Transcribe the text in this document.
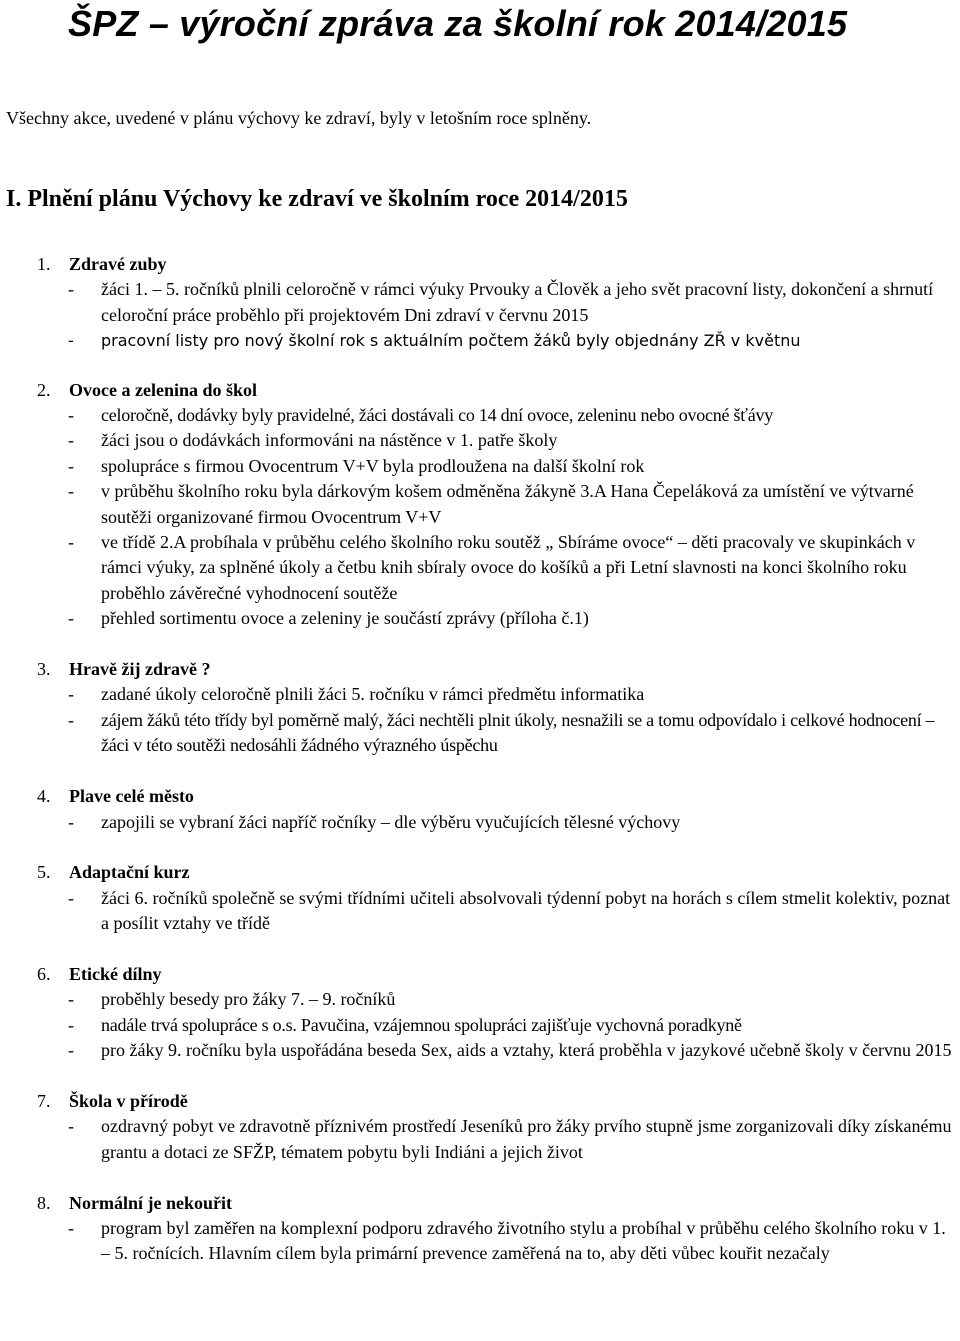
ŠPZ – výroční zpráva za školní rok 2014/2015

Všechny akce, uvedené v plánu výchovy ke zdraví, byly v letošním roce splněny.

I. Plnění plánu Výchovy ke zdraví ve školním roce 2014/2015
1. Zdravé zuby
- žáci 1. – 5. ročníků plnili celoročně v rámci výuky Prvouky a Člověk a jeho svět pracovní listy, dokončení a shrnutí celoroční práce proběhlo při projektovém Dni zdraví v červnu 2015
- pracovní listy pro nový školní rok s aktuálním počtem žáků byly objednány ZŘ v květnu
2. Ovoce a zelenina do škol
- celoročně, dodávky byly pravidelné, žáci dostávali co 14 dní ovoce, zeleninu nebo ovocné šťávy
- žáci jsou o dodávkách informováni na nástěnce v 1. patře školy
- spolupráce s firmou Ovocentrum V+V byla prodloužena na další školní rok
- v průběhu školního roku byla dárkovým košem odměněna žákyně 3.A Hana Čepeláková za umístění ve výtvarné soutěži organizované firmou Ovocentrum V+V
- ve třídě 2.A probíhala v průběhu celého školního roku soutěž „ Sbíráme ovoce“ – děti pracovaly ve skupinkách v rámci výuky, za splněné úkoly a četbu knih sbíraly ovoce do košíků a při Letní slavnosti na konci školního roku proběhlo závěrečné vyhodnocení soutěže
- přehled sortimentu ovoce a zeleniny je součástí zprávy (příloha č.1)
3. Hravě žij zdravě ?
- zadané úkoly celoročně plnili žáci 5. ročníku v rámci předmětu informatika
- zájem žáků této třídy byl poměrně malý, žáci nechtěli plnit úkoly, nesnažili se a tomu odpovídalo i celkové hodnocení – žáci v této soutěži nedosáhli žádného výrazného úspěchu
4. Plave celé město
- zapojili se vybraní žáci napříč ročníky – dle výběru vyučujících tělesné výchovy
5. Adaptační kurz
- žáci 6. ročníků společně se svými třídními učiteli absolvovali týdenní pobyt na horách s cílem stmelit kolektiv, poznat a posílit vztahy ve třídě
6. Etické dílny
- proběhly besedy pro žáky 7. – 9. ročníků
- nadále trvá spolupráce s o.s. Pavučina, vzájemnou spolupráci zajišťuje vychovná poradkyně
- pro žáky 9. ročníku byla uspořádána beseda Sex, aids a vztahy, která proběhla v jazykové učebně školy v červnu 2015
7. Škola v přírodě
- ozdravný pobyt ve zdravotně příznivém prostředí Jeseníků pro žáky prvího stupně jsme zorganizovali díky získanému grantu a dotaci ze SFŽP, tématem pobytu byli Indiáni a jejich život
8. Normální je nekouřit
- program byl zaměřen na komplexní podporu zdravého životního stylu a probíhal v průběhu celého školního roku v 1. – 5. ročnících. Hlavním cílem byla primární prevence zaměřená na to, aby děti vůbec kouřit nezačaly
